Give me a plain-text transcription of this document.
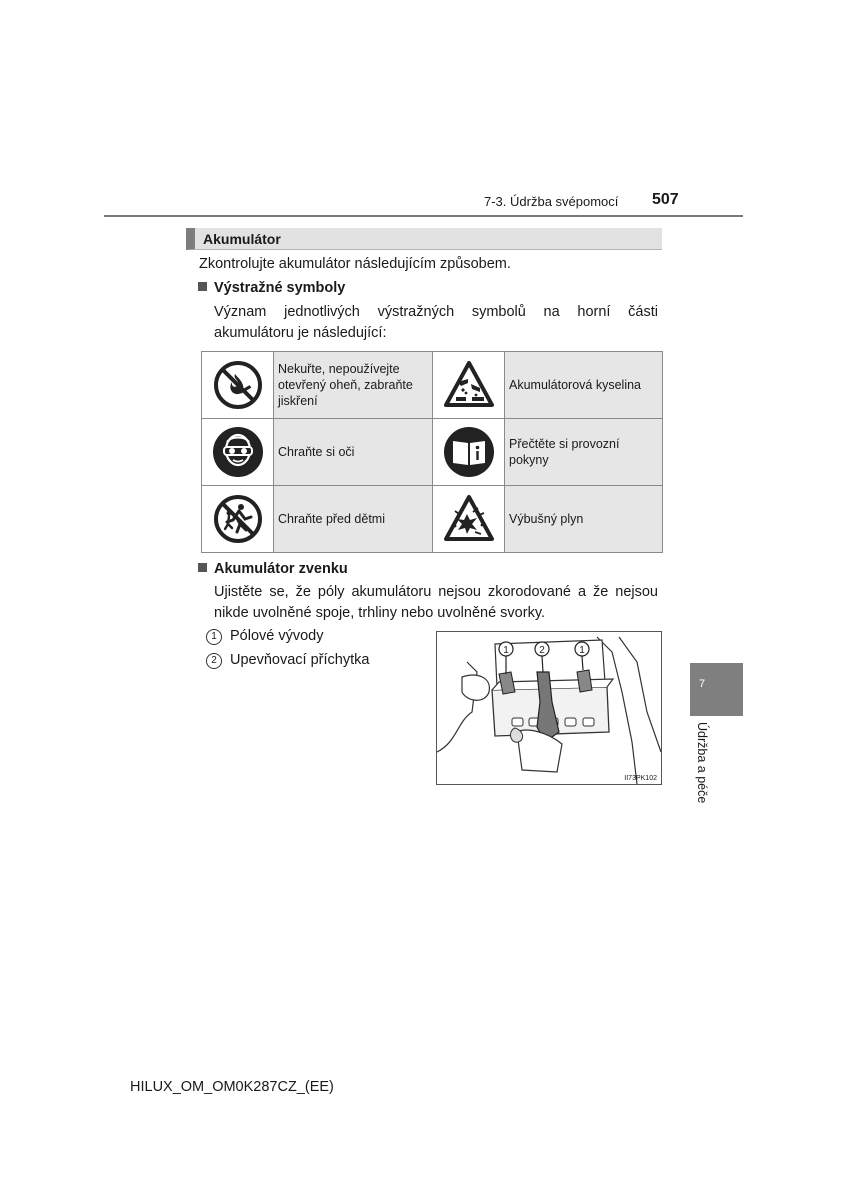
7-3. Údržba svépomocí 507
Akumulátor
Zkontrolujte akumulátor následujícím způsobem.
Výstražné symboly
Význam jednotlivých výstražných symbolů na horní části akumulátoru je následující:
	Nekuřte, nepoužívejte otevřený oheň, zabraňte jiskření		Akumulátorová kyselina

	Chraňte si oči		Přečtěte si provozní pokyny

	Chraňte před dětmi		Výbušný plyn
Akumulátor zvenku
Ujistěte se, že póly akumulátoru nejsou zkorodované a že nejsou nikde uvolněné spoje, trhliny nebo uvolněné svorky.
1 Pólové vývody
2 Upevňovací příchytka
1	2	1
II73PK102
7
Údržba a péče
HILUX_OM_OM0K287CZ_(EE)
